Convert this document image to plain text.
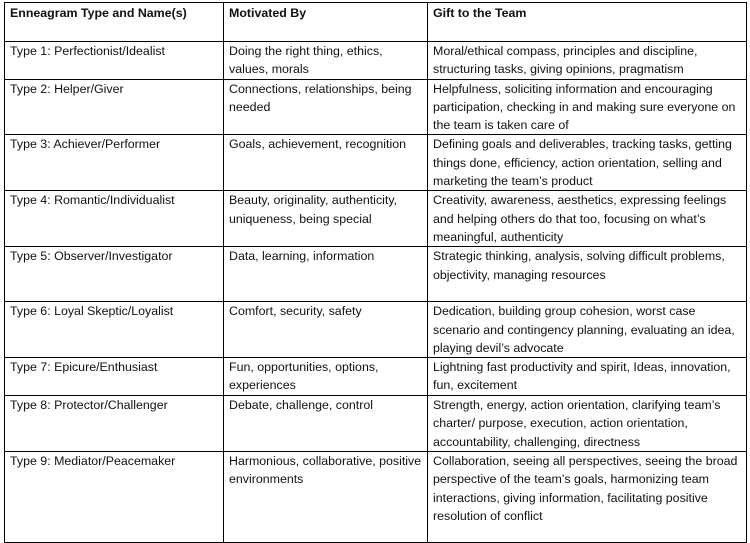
Enneagram Type and Name(s)	Motivated By	Gift to the Team
Type 1: Perfectionist/Idealist	Doing the right thing, ethics, values, morals	Moral/ethical compass, principles and discipline, structuring tasks, giving opinions, pragmatism
Type 2: Helper/Giver	Connections, relationships, being needed	Helpfulness, soliciting information and encouraging participation, checking in and making sure everyone on the team is taken care of
Type 3: Achiever/Performer	Goals, achievement, recognition	Defining goals and deliverables, tracking tasks, getting things done, efficiency, action orientation, selling and marketing the team’s product
Type 4: Romantic/Individualist	Beauty, originality, authenticity, uniqueness, being special	Creativity, awareness, aesthetics, expressing feelings and helping others do that too, focusing on what’s meaningful, authenticity
Type 5: Observer/Investigator	Data, learning, information	Strategic thinking, analysis, solving difficult problems, objectivity, managing resources
Type 6: Loyal Skeptic/Loyalist	Comfort, security, safety	Dedication, building group cohesion, worst case scenario and contingency planning, evaluating an idea, playing devil’s advocate
Type 7: Epicure/Enthusiast	Fun, opportunities, options, experiences	Lightning fast productivity and spirit, Ideas, innovation, fun, excitement
Type 8: Protector/Challenger	Debate, challenge, control	Strength, energy, action orientation, clarifying team’s charter/ purpose, execution, action orientation, accountability, challenging, directness
Type 9: Mediator/Peacemaker	Harmonious, collaborative, positive environments	Collaboration, seeing all perspectives, seeing the broad perspective of the team’s goals, harmonizing team interactions, giving information, facilitating positive resolution of conflict
